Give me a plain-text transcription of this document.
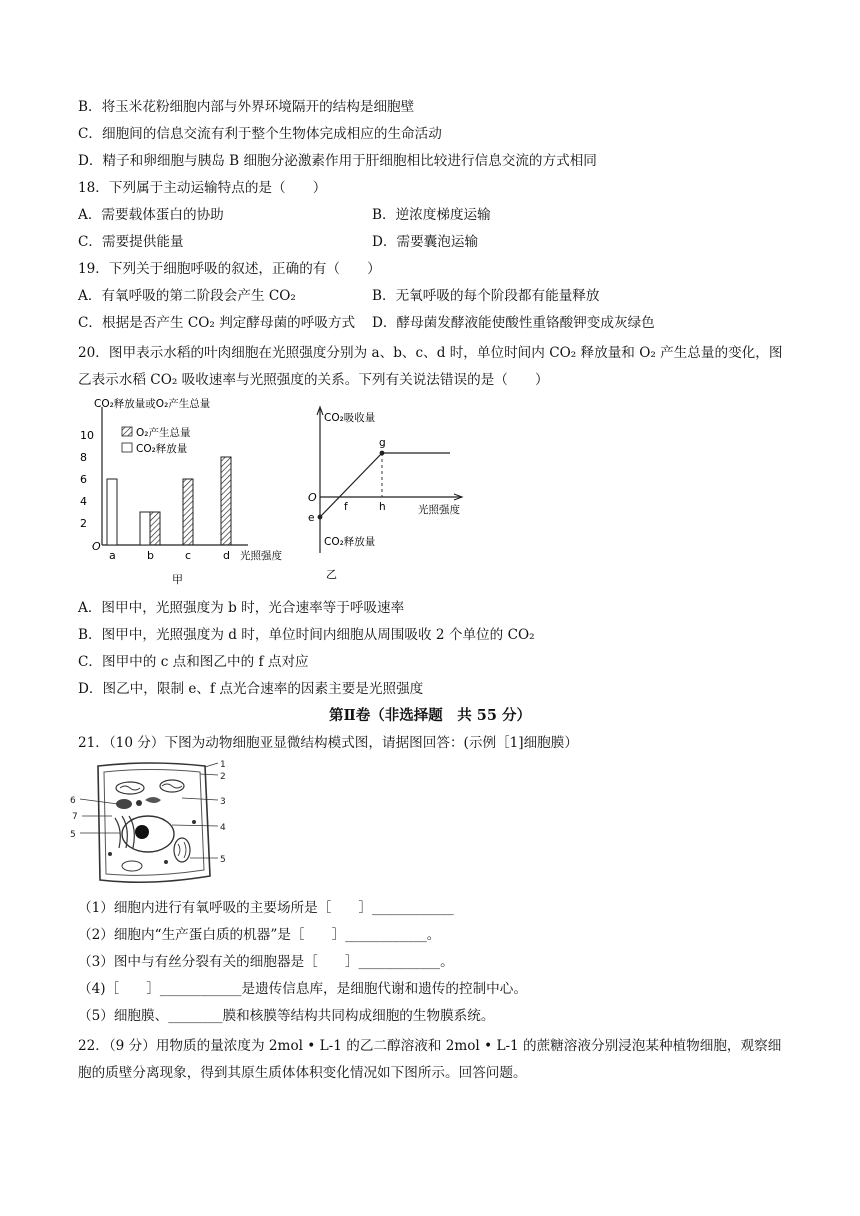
B．将玉米花粉细胞内部与外界环境隔开的结构是细胞壁
C．细胞间的信息交流有利于整个生物体完成相应的生命活动
D．精子和卵细胞与胰岛 B 细胞分泌激素作用于肝细胞相比较进行信息交流的方式相同
18．下列属于主动运输特点的是（　　）
A．需要载体蛋白的协助	B．逆浓度梯度运输
C．需要提供能量	D．需要囊泡运输
19．下列关于细胞呼吸的叙述，正确的有（　　）
A．有氧呼吸的第二阶段会产生 CO₂	B．无氧呼吸的每个阶段都有能量释放
C．根据是否产生 CO₂ 判定酵母菌的呼吸方式 D．酵母菌发酵液能使酸性重铬酸钾变成灰绿色
20．图甲表示水稻的叶肉细胞在光照强度分别为 a、b、c、d 时，单位时间内 CO₂ 释放量和 O₂ 产生总量的变化，图乙表示水稻 CO₂ 吸收速率与光照强度的关系。下列有关说法错误的是（　　）
O
2
4
6
8
10
CO₂释放量或O₂产生总量
O₂产生总量
CO₂释放量
a	b	c	d 光照强度
甲
CO₂吸收量
O
e
f
g
h	光照强度
CO₂释放量
乙
A．图甲中，光照强度为 b 时，光合速率等于呼吸速率
B．图甲中，光照强度为 d 时，单位时间内细胞从周围吸收 2 个单位的 CO₂
C．图甲中的 c 点和图乙中的 f 点对应
D．图乙中，限制 e、f 点光合速率的因素主要是光照强度
第Ⅱ卷（非选择题　共 55 分）
21．（10 分）下图为动物细胞亚显微结构模式图，请据图回答：(示例［1]细胞膜）
1
2
3
4
5
6
7
5
（1）细胞内进行有氧呼吸的主要场所是［　　］____________
（2）细胞内“生产蛋白质的机器”是［　　］____________。
（3）图中与有丝分裂有关的细胞器是［　　］____________。
（4)［　　］____________是遗传信息库，是细胞代谢和遗传的控制中心。
（5）细胞膜、________膜和核膜等结构共同构成细胞的生物膜系统。
22．（9 分）用物质的量浓度为 2mol • L-1 的乙二醇溶液和 2mol • L-1 的蔗糖溶液分别浸泡某种植物细胞，观察细胞的质壁分离现象，得到其原生质体体积变化情况如下图所示。回答问题。
